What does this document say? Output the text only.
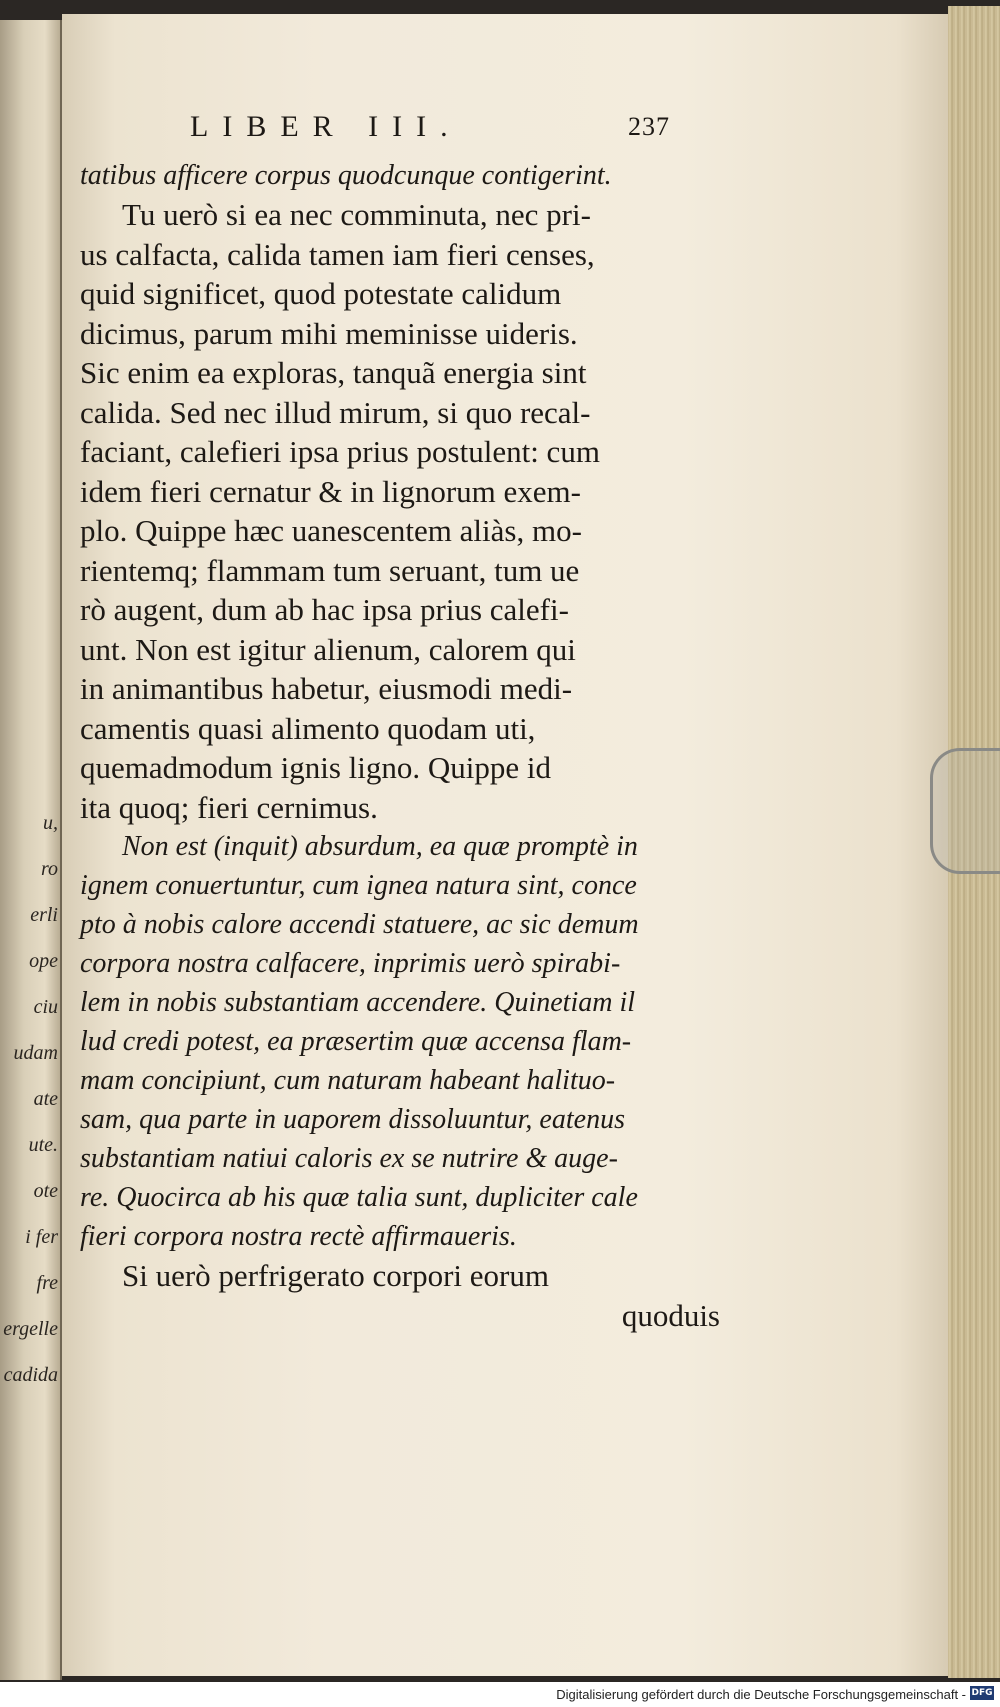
u,
ro
erli
ope
ciu
udam
ate
ute.
ote
i fer
fre
ergelle
cadida
LIBER III.	237
tatibus afficere corpus quodcunque contigerint.
Tu uerò si ea nec comminuta, nec pri-
us calfacta, calida tamen iam fieri censes,
quid significet, quod potestate calidum
dicimus, parum mihi meminisse uideris.
Sic enim ea exploras, tanquã energia sint
calida. Sed nec illud mirum, si quo recal-
faciant, calefieri ipsa prius postulent: cum
idem fieri cernatur & in lignorum exem-
plo. Quippe hæc uanescentem aliàs, mo-
rientemq; flammam tum seruant, tum ue
rò augent, dum ab hac ipsa prius calefi-
unt. Non est igitur alienum, calorem qui
in animantibus habetur, eiusmodi medi-
camentis quasi alimento quodam uti,
quemadmodum ignis ligno. Quippe id
ita quoq; fieri cernimus.
Non est (inquit) absurdum, ea quæ promptè in
ignem conuertuntur, cum ignea natura sint, conce
pto à nobis calore accendi statuere, ac sic demum
corpora nostra calfacere, inprimis uerò spirabi-
lem in nobis substantiam accendere. Quinetiam il
lud credi potest, ea præsertim quæ accensa flam-
mam concipiunt, cum naturam habeant halituo-
sam, qua parte in uaporem dissoluuntur, eatenus
substantiam natiui caloris ex se nutrire & auge-
re. Quocirca ab his quæ talia sunt, dupliciter cale
fieri corpora nostra rectè affirmaueris.
Si uerò perfrigerato corpori eorum
quoduis
Digitalisierung gefördert durch die Deutsche Forschungsgemeinschaft - DFG
